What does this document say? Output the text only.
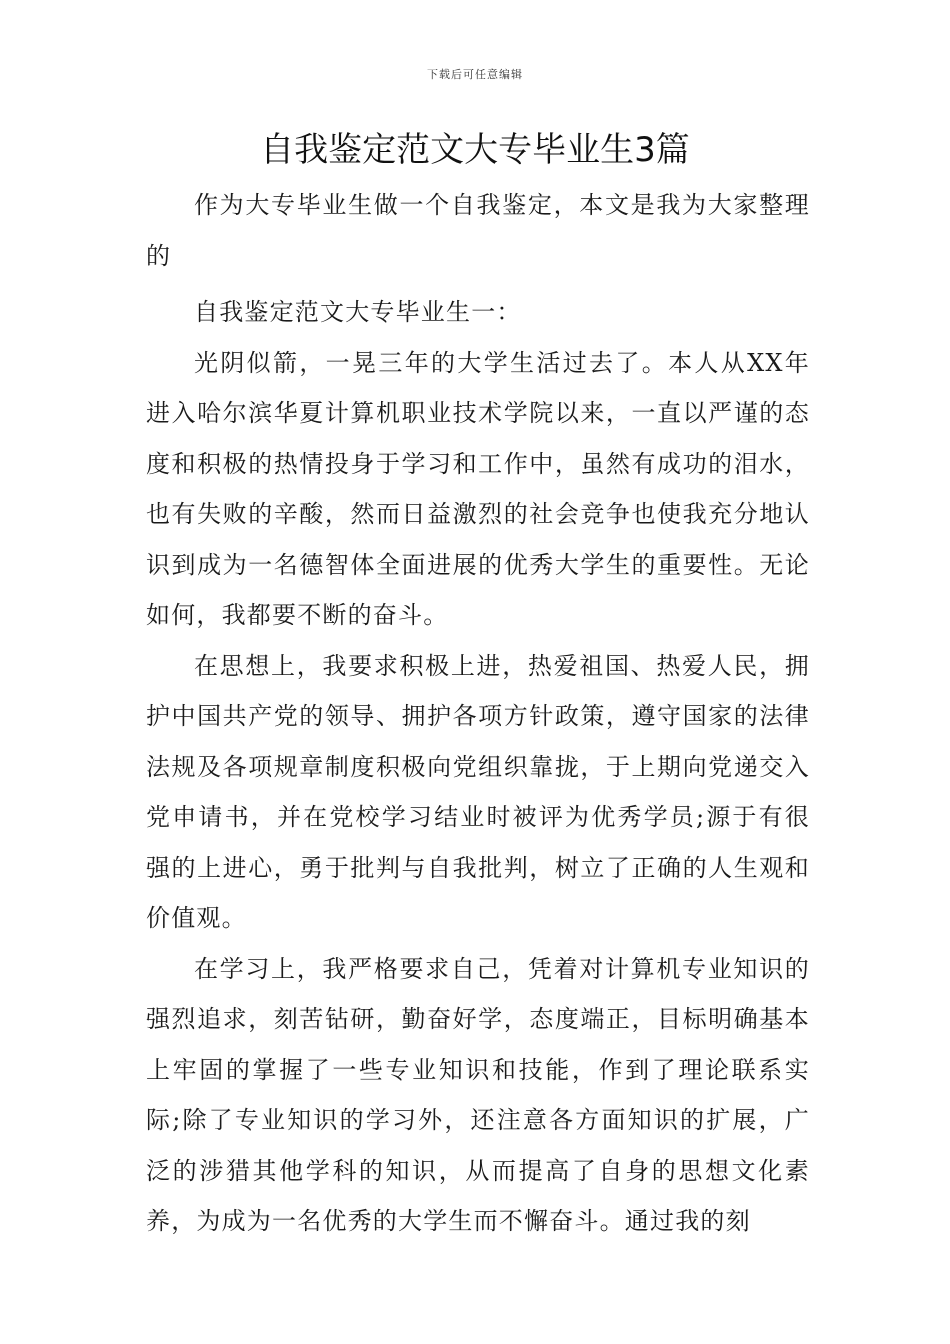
下载后可任意编辑
自我鉴定范文大专毕业生3篇

作为大专毕业生做一个自我鉴定，本文是我为大家整理的

自我鉴定范文大专毕业生一：

光阴似箭，一晃三年的大学生活过去了。本人从XX年进入哈尔滨华夏计算机职业技术学院以来，一直以严谨的态度和积极的热情投身于学习和工作中，虽然有成功的泪水，也有失败的辛酸，然而日益激烈的社会竞争也使我充分地认识到成为一名德智体全面进展的优秀大学生的重要性。无论如何，我都要不断的奋斗。

在思想上，我要求积极上进，热爱祖国、热爱人民，拥护中国共产党的领导、拥护各项方针政策，遵守国家的法律法规及各项规章制度积极向党组织靠拢，于上期向党递交入党申请书，并在党校学习结业时被评为优秀学员;源于有很强的上进心，勇于批判与自我批判，树立了正确的人生观和价值观。

在学习上，我严格要求自己，凭着对计算机专业知识的强烈追求，刻苦钻研，勤奋好学，态度端正，目标明确基本上牢固的掌握了一些专业知识和技能，作到了理论联系实际;除了专业知识的学习外，还注意各方面知识的扩展，广泛的涉猎其他学科的知识，从而提高了自身的思想文化素养，为成为一名优秀的大学生而不懈奋斗。通过我的刻
